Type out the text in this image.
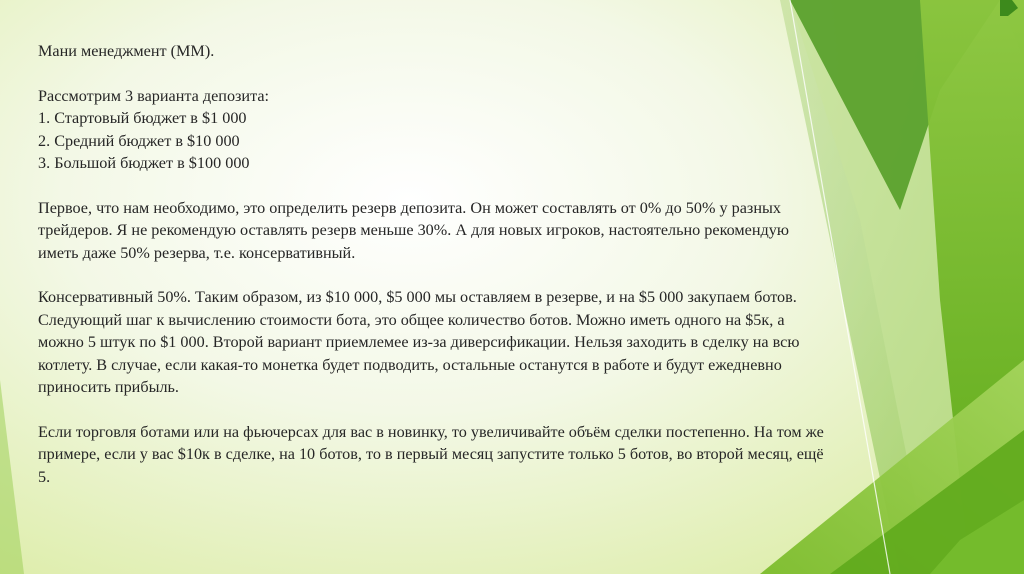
Мани менеджмент (ММ).
Рассмотрим 3 варианта депозита:
1. Стартовый бюджет в $1 000
2. Средний бюджет в $10 000
3. Большой бюджет в $100 000
Первое, что нам необходимо, это определить резерв депозита. Он может составлять от 0% до 50% у разных
трейдеров. Я не рекомендую оставлять резерв меньше 30%. А для новых игроков, настоятельно рекомендую
иметь даже 50% резерва, т.е. консервативный.
Консервативный 50%. Таким образом, из $10 000, $5 000 мы оставляем в резерве, и на $5 000 закупаем ботов.
Следующий шаг к вычислению стоимости бота, это общее количество ботов. Можно иметь одного на $5к, а
можно 5 штук по $1 000. Второй вариант приемлемее из-за диверсификации. Нельзя заходить в сделку на всю
котлету. В случае, если какая-то монетка будет подводить, остальные останутся в работе и будут ежедневно
приносить прибыль.
Если торговля ботами или на фьючерсах для вас в новинку, то увеличивайте объём сделки постепенно. На том же
примере, если у вас $10к в сделке, на 10 ботов, то в первый месяц запустите только 5 ботов, во второй месяц, ещё
5.
